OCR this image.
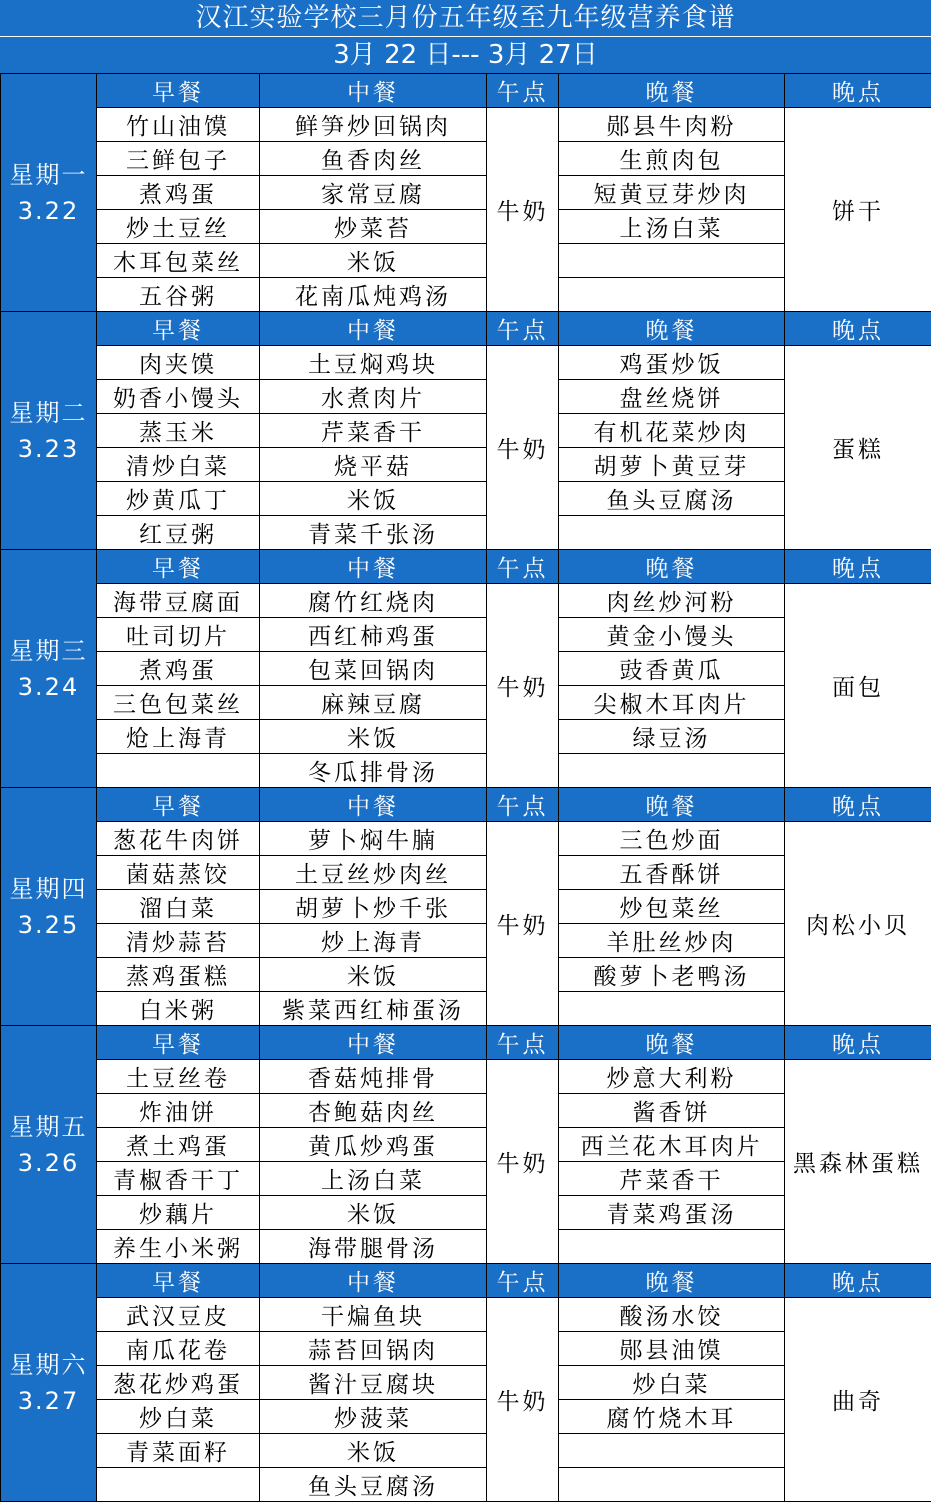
汉江实验学校三月份五年级至九年级营养食谱
3月 22 日--- 3月 27日
星期一
3.22	早餐	中餐	午点	晚餐	晚点
	竹山油馍	鲜笋炒回锅肉	牛奶	郧县牛肉粉	饼干
	三鲜包子	鱼香肉丝		生煎肉包	
	煮鸡蛋	家常豆腐		短黄豆芽炒肉	
	炒土豆丝	炒菜苔		上汤白菜	
	木耳包菜丝	米饭			
	五谷粥	花南瓜炖鸡汤			

星期二
3.23	早餐	中餐	午点	晚餐	晚点
	肉夹馍	土豆焖鸡块	牛奶	鸡蛋炒饭	蛋糕
	奶香小馒头	水煮肉片		盘丝烧饼	
	蒸玉米	芹菜香干		有机花菜炒肉	
	清炒白菜	烧平菇		胡萝卜黄豆芽	
	炒黄瓜丁	米饭		鱼头豆腐汤	
	红豆粥	青菜千张汤			

星期三
3.24	早餐	中餐	午点	晚餐	晚点
	海带豆腐面	腐竹红烧肉	牛奶	肉丝炒河粉	面包
	吐司切片	西红柿鸡蛋		黄金小馒头	
	煮鸡蛋	包菜回锅肉		豉香黄瓜	
	三色包菜丝	麻辣豆腐		尖椒木耳肉片	
	炝上海青	米饭		绿豆汤	
		冬瓜排骨汤			

星期四
3.25	早餐	中餐	午点	晚餐	晚点
	葱花牛肉饼	萝卜焖牛腩	牛奶	三色炒面	肉松小贝
	菌菇蒸饺	土豆丝炒肉丝		五香酥饼	
	溜白菜	胡萝卜炒千张		炒包菜丝	
	清炒蒜苔	炒上海青		羊肚丝炒肉	
	蒸鸡蛋糕	米饭		酸萝卜老鸭汤	
	白米粥	紫菜西红柿蛋汤			

星期五
3.26	早餐	中餐	午点	晚餐	晚点
	土豆丝卷	香菇炖排骨	牛奶	炒意大利粉	黑森林蛋糕
	炸油饼	杏鲍菇肉丝		酱香饼	
	煮土鸡蛋	黄瓜炒鸡蛋		西兰花木耳肉片	
	青椒香干丁	上汤白菜		芹菜香干	
	炒藕片	米饭		青菜鸡蛋汤	
	养生小米粥	海带腿骨汤			

星期六
3.27	早餐	中餐	午点	晚餐	晚点
	武汉豆皮	干煸鱼块	牛奶	酸汤水饺	曲奇
	南瓜花卷	蒜苔回锅肉		郧县油馍	
	葱花炒鸡蛋	酱汁豆腐块		炒白菜	
	炒白菜	炒菠菜		腐竹烧木耳	
	青菜面籽	米饭			
		鱼头豆腐汤			
